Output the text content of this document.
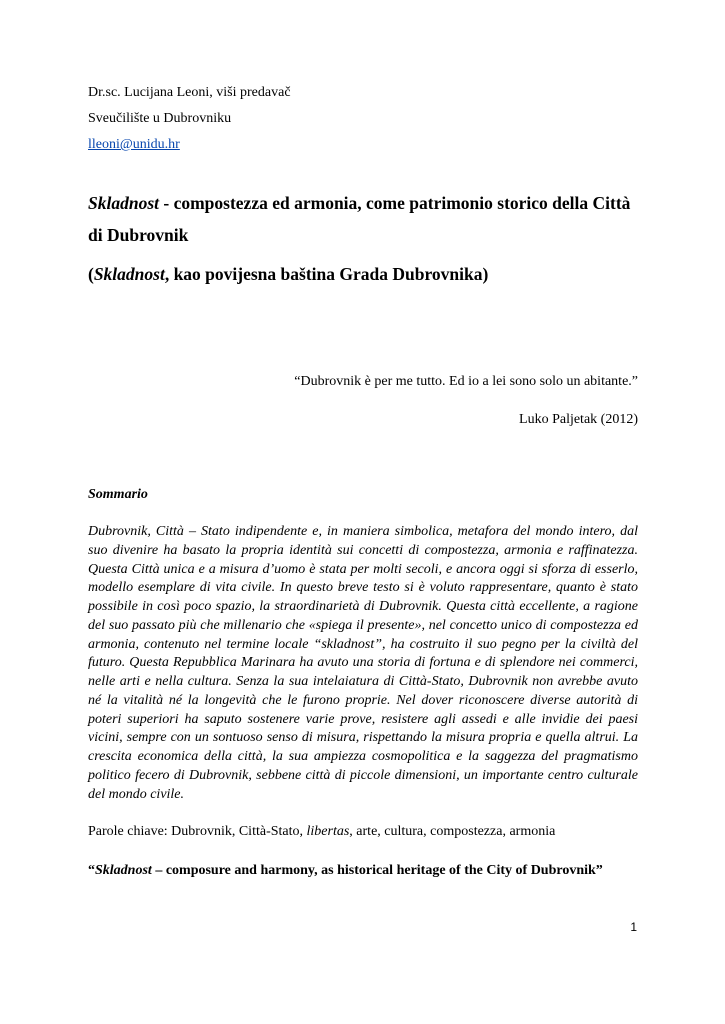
Dr.sc. Lucijana Leoni, viši predavač
Sveučilište u Dubrovniku
lleoni@unidu.hr
Skladnost - compostezza ed armonia, come patrimonio storico della Città di Dubrovnik
(Skladnost, kao povijesna baština Grada Dubrovnika)
“Dubrovnik è per me tutto. Ed io a lei sono solo un abitante.”
Luko Paljetak (2012)
Sommario
Dubrovnik, Città – Stato indipendente e, in maniera simbolica, metafora del mondo intero, dal suo divenire ha basato la propria identità sui concetti di compostezza, armonia e raffinatezza. Questa Città unica e a misura d’uomo è stata per molti secoli, e ancora oggi si sforza di esserlo, modello esemplare di vita civile. In questo breve testo si è voluto rappresentare, quanto è stato possibile in così poco spazio, la straordinarietà di Dubrovnik. Questa città eccellente, a ragione del suo passato più che millenario che «spiega il presente», nel concetto unico di compostezza ed armonia, contenuto nel termine locale “skladnost”, ha costruito il suo pegno per la civiltà del futuro. Questa Repubblica Marinara ha avuto una storia di fortuna e di splendore nei commerci, nelle arti e nella cultura. Senza la sua intelaiatura di Città-Stato, Dubrovnik non avrebbe avuto né la vitalità né la longevità che le furono proprie. Nel dover riconoscere diverse autorità di poteri superiori ha saputo sostenere varie prove, resistere agli assedi e alle invidie dei paesi vicini, sempre con un sontuoso senso di misura, rispettando la misura propria e quella altrui. La crescita economica della città, la sua ampiezza cosmopolitica e la saggezza del pragmatismo politico fecero di Dubrovnik, sebbene città di piccole dimensioni, un importante centro culturale del mondo civile.
Parole chiave: Dubrovnik, Città-Stato, libertas, arte, cultura, compostezza, armonia
“Skladnost – composure and harmony, as historical heritage of the City of Dubrovnik”
1
